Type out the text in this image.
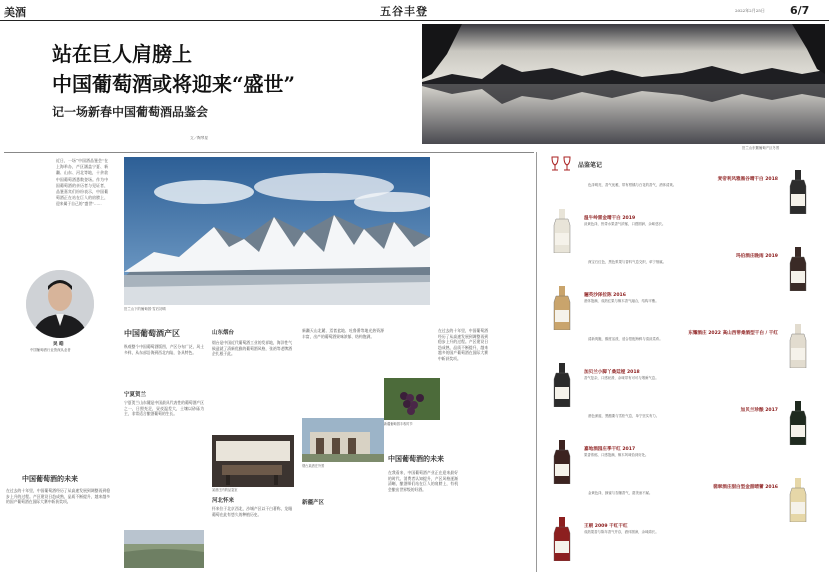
美酒	五谷丰登	2022年2月25日 6/7
站在巨人肩膀上
中国葡萄酒或将迎来“盛世”
记一场新春中国葡萄酒品鉴会
文／陶琴星
贺兰山东麓葡萄产区冬景
近日，一场“中国酒品鉴会”在上海举办，产区涵盖宁夏、新疆、山东、河北等地，十余款中国葡萄酒悉数登场。作为中国葡萄酒的亲历者与见证者，品鉴嘉宾们纷纷表示，中国葡萄酒正在站在巨人的肩膀上，迎来属于自己的“盛世”……
贺兰山下的葡萄园·雪后初晴
吴 皓
中国葡萄酒行业资深从业者
中国葡萄酒的未来
在过去的十年里，中国葡萄酒经历了从高速发展到调整再到稳步上升的过程。产区建设日趋成熟，品质不断提升，越来越多的国产葡萄酒在国际大赛中斩获奖项。
中国葡萄酒产区
纵观整个中国葡萄酒版图，产区分布广泛，风土多样，从东部沿海到西北内陆，各具特色。
宁夏贺兰
宁夏贺兰山东麓是中国最具代表性的葡萄酒产区之一，日照充足，昼夜温差大，土壤以砂砾为主，非常适合酿酒葡萄的生长。
山东烟台
烟台是中国近代葡萄酒工业的发祥地，海洋性气候造就了清新优雅的葡萄酒风格，张裕等老牌酒企扎根于此。
某酒庄内的品鉴室
河北怀来
怀来位于北京西北，沙城产区以干白著称，龙眼葡萄在此有悠久的种植历史。
烟台某酒庄外景
新疆天山北麓、焉耆盆地、吐鲁番等地光热资源丰富，出产的葡萄酒果味浓郁、结构饱满。
新疆产区
新疆葡萄园丰收时节
中国葡萄酒的未来
在我看来，中国葡萄酒产业正在迎来最好的时代。消费者认知提升，产区风格逐渐清晰，酿酒师们站在巨人的肩膀上，有机会酿出世界级的好酒。
在过去的十年里，中国葡萄酒经历了从高速发展到调整再到稳步上升的过程。产区建设日趋成熟，品质不断提升，越来越多的国产葡萄酒在国际大赛中斩获奖项。
品鉴笔记
麦帝利风雅黑谷晴干白 2018
色泽明亮，香气优雅，带有柑橘与白花的香气，酒体清爽。
温牛岭雷金晴干白 2019
淡黄色泽，热带水果香气浓郁，口感圆润，余味悠长。
玛伯酒庄晚雨 2019
深宝石红色，黑色浆果与香料气息交织，单宁细腻。
骊英沙泽拉陈 2016
酒体饱满，成熟红果与橡木香气融合，结构平衡。
东耀酒庄 2022 高山西带桑酒型干白 / 干红
清新爽脆，酸度活泼，适合搭配海鲜与清淡菜肴。
加贝兰小脚丫桑廷娅 2018
香气复杂，口感丝滑，余味带有可可与烟熏气息。
加贝兰珍酿 2017
酒色深邃，黑醋栗与雪松气息，单宁坚实有力。
嘉地酒园庄季干红 2017
果香浓郁，口感饱满，橡木风味恰到好处。
翡翠酒庄甜白型金甜晴蕾 2016
金黄色泽，蜂蜜与杏脯香气，甜美而不腻。
王朝 2009 干红干红
成熟果香与陈年香气并存，酒体圆润，余味绵长。
